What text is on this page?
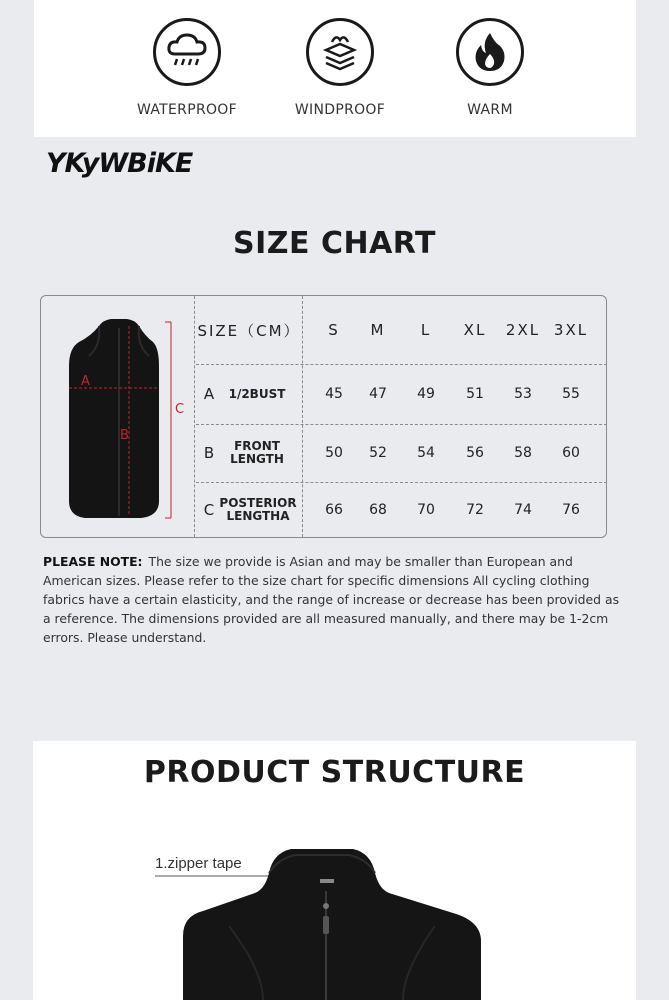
WATERPROOF	WINDPROOF	WARM
YKyWBiKE
SIZE CHART
A
B
C
SIZE（CM）	S	M	L	XL	2XL 3XL
A	1/2BUST	45	47	49	51	53	55
B	FRONT LENGTH	50	52	54	56	58	60
C POSTERIOR LENGTHA	66	68	70	72	74	76
PLEASE NOTE: The size we provide is Asian and may be smaller than European and American sizes. Please refer to the size chart for specific dimensions All cycling clothing fabrics have a certain elasticity, and the range of increase or decrease has been provided as a reference. The dimensions provided are all measured manually, and there may be 1-2cm errors. Please understand.
PRODUCT STRUCTURE
1.zipper tape
